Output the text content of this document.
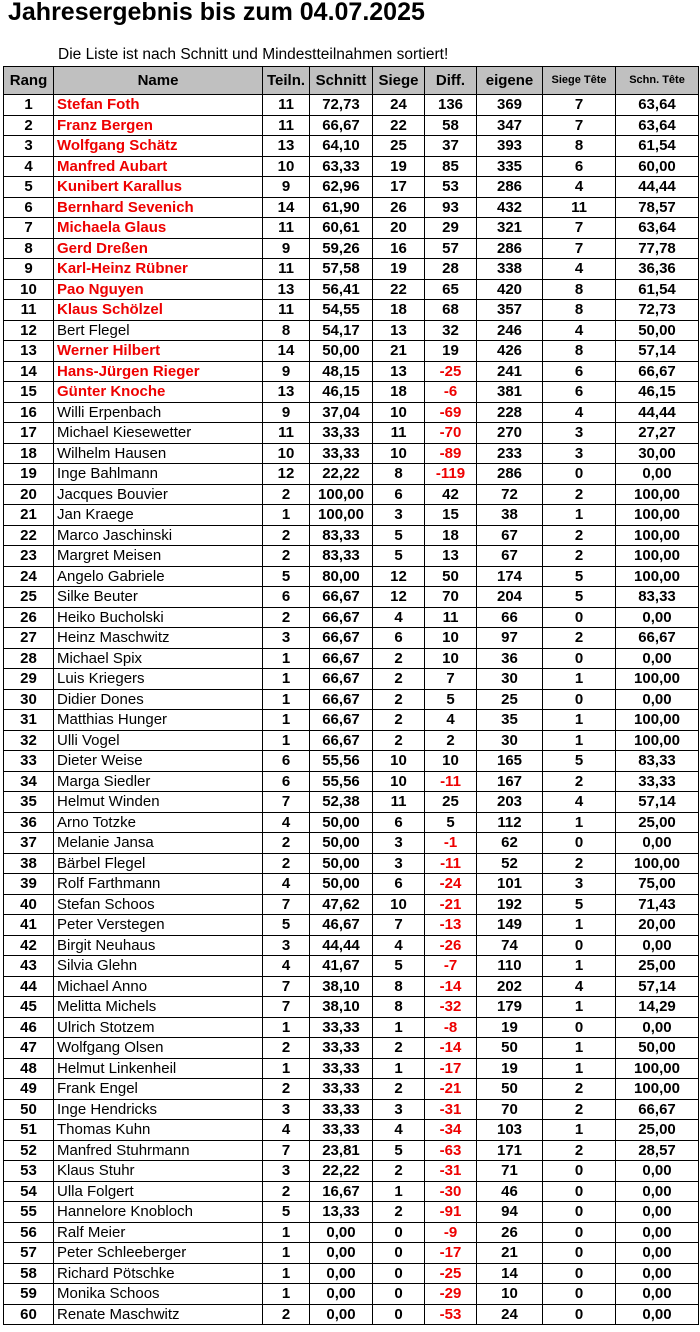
Jahresergebnis bis zum 04.07.2025
Die Liste ist nach Schnitt und Mindestteilnahmen sortiert!
Rang	Name	Teiln.	Schnitt	Siege	Diff.	eigene	Siege Tête	Schn. Tête
1	Stefan Foth	11	72,73	24	136	369	7	63,64
2	Franz Bergen	11	66,67	22	58	347	7	63,64
3	Wolfgang Schätz	13	64,10	25	37	393	8	61,54
4	Manfred Aubart	10	63,33	19	85	335	6	60,00
5	Kunibert Karallus	9	62,96	17	53	286	4	44,44
6	Bernhard Sevenich	14	61,90	26	93	432	11	78,57
7	Michaela Glaus	11	60,61	20	29	321	7	63,64
8	Gerd Dreßen	9	59,26	16	57	286	7	77,78
9	Karl-Heinz Rübner	11	57,58	19	28	338	4	36,36
10	Pao Nguyen	13	56,41	22	65	420	8	61,54
11	Klaus Schölzel	11	54,55	18	68	357	8	72,73
12	Bert Flegel	8	54,17	13	32	246	4	50,00
13	Werner Hilbert	14	50,00	21	19	426	8	57,14
14	Hans-Jürgen Rieger	9	48,15	13	-25	241	6	66,67
15	Günter Knoche	13	46,15	18	-6	381	6	46,15
16	Willi Erpenbach	9	37,04	10	-69	228	4	44,44
17	Michael Kiesewetter	11	33,33	11	-70	270	3	27,27
18	Wilhelm Hausen	10	33,33	10	-89	233	3	30,00
19	Inge Bahlmann	12	22,22	8	-119	286	0	0,00
20	Jacques Bouvier	2	100,00	6	42	72	2	100,00
21	Jan Kraege	1	100,00	3	15	38	1	100,00
22	Marco Jaschinski	2	83,33	5	18	67	2	100,00
23	Margret Meisen	2	83,33	5	13	67	2	100,00
24	Angelo Gabriele	5	80,00	12	50	174	5	100,00
25	Silke Beuter	6	66,67	12	70	204	5	83,33
26	Heiko Bucholski	2	66,67	4	11	66	0	0,00
27	Heinz Maschwitz	3	66,67	6	10	97	2	66,67
28	Michael Spix	1	66,67	2	10	36	0	0,00
29	Luis Kriegers	1	66,67	2	7	30	1	100,00
30	Didier Dones	1	66,67	2	5	25	0	0,00
31	Matthias Hunger	1	66,67	2	4	35	1	100,00
32	Ulli Vogel	1	66,67	2	2	30	1	100,00
33	Dieter Weise	6	55,56	10	10	165	5	83,33
34	Marga Siedler	6	55,56	10	-11	167	2	33,33
35	Helmut Winden	7	52,38	11	25	203	4	57,14
36	Arno Totzke	4	50,00	6	5	112	1	25,00
37	Melanie Jansa	2	50,00	3	-1	62	0	0,00
38	Bärbel Flegel	2	50,00	3	-11	52	2	100,00
39	Rolf Farthmann	4	50,00	6	-24	101	3	75,00
40	Stefan Schoos	7	47,62	10	-21	192	5	71,43
41	Peter Verstegen	5	46,67	7	-13	149	1	20,00
42	Birgit Neuhaus	3	44,44	4	-26	74	0	0,00
43	Silvia Glehn	4	41,67	5	-7	110	1	25,00
44	Michael Anno	7	38,10	8	-14	202	4	57,14
45	Melitta Michels	7	38,10	8	-32	179	1	14,29
46	Ulrich Stotzem	1	33,33	1	-8	19	0	0,00
47	Wolfgang Olsen	2	33,33	2	-14	50	1	50,00
48	Helmut Linkenheil	1	33,33	1	-17	19	1	100,00
49	Frank Engel	2	33,33	2	-21	50	2	100,00
50	Inge Hendricks	3	33,33	3	-31	70	2	66,67
51	Thomas Kuhn	4	33,33	4	-34	103	1	25,00
52	Manfred Stuhrmann	7	23,81	5	-63	171	2	28,57
53	Klaus Stuhr	3	22,22	2	-31	71	0	0,00
54	Ulla Folgert	2	16,67	1	-30	46	0	0,00
55	Hannelore Knobloch	5	13,33	2	-91	94	0	0,00
56	Ralf Meier	1	0,00	0	-9	26	0	0,00
57	Peter Schleeberger	1	0,00	0	-17	21	0	0,00
58	Richard Pötschke	1	0,00	0	-25	14	0	0,00
59	Monika Schoos	1	0,00	0	-29	10	0	0,00
60	Renate Maschwitz	2	0,00	0	-53	24	0	0,00
